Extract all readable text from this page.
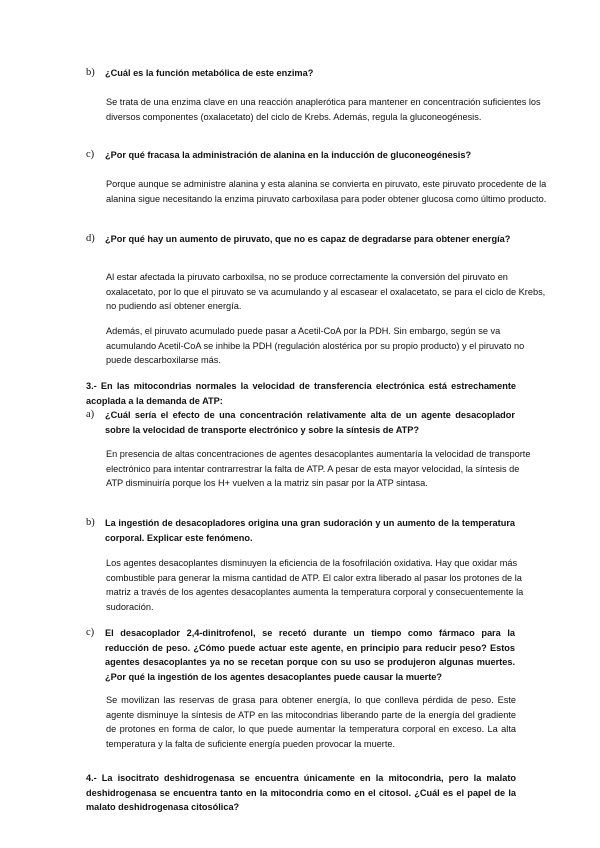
b) ¿Cuál es la función metabólica de este enzima?

Se trata de una enzima clave en una reacción anaplerótica para mantener en concentración suficientes los diversos componentes (oxalacetato) del ciclo de Krebs. Además, regula la gluconeogénesis.

c) ¿Por qué fracasa la administración de alanina en la inducción de gluconeogénesis?

Porque aunque se administre alanina y esta alanina se convierta en piruvato, este piruvato procedente de la alanina sigue necesitando la enzima piruvato carboxilasa para poder obtener glucosa como último producto.

d) ¿Por qué hay un aumento de piruvato, que no es capaz de degradarse para obtener energía?

Al estar afectada la piruvato carboxilsa, no se produce correctamente la conversión del piruvato en oxalacetato, por lo que el piruvato se va acumulando y al escasear el oxalacetato, se para el ciclo de Krebs, no pudiendo así obtener energía.

Además, el piruvato acumulado puede pasar a Acetil-CoA por la PDH. Sin embargo, según se va acumulando Acetil-CoA se inhibe la PDH (regulación alostérica por su propio producto) y el piruvato no puede descarboxilarse más.

3.- En las mitocondrias normales la velocidad de transferencia electrónica está estrechamente acoplada a la demanda de ATP:

a) ¿Cuál sería el efecto de una concentración relativamente alta de un agente desacoplador sobre la velocidad de transporte electrónico y sobre la síntesis de ATP?

En presencia de altas concentraciones de agentes desacoplantes aumentaría la velocidad de transporte electrónico para intentar contrarrestrar la falta de ATP. A pesar de esta mayor velocidad, la síntesis de ATP disminuiría porque los H+ vuelven a la matriz sin pasar por la ATP sintasa.

b) La ingestión de desacopladores origina una gran sudoración y un aumento de la temperatura corporal. Explicar este fenómeno.

Los agentes desacoplantes disminuyen la eficiencia de la fosofrilación oxidativa. Hay que oxidar más combustible para generar la misma cantidad de ATP. El calor extra liberado al pasar los protones de la matriz a través de los agentes desacoplantes aumenta la temperatura corporal y consecuentemente la sudoración.

c) El desacoplador 2,4-dinitrofenol, se recetó durante un tiempo como fármaco para la reducción de peso. ¿Cómo puede actuar este agente, en principio para reducir peso? Estos agentes desacoplantes ya no se recetan porque con su uso se produjeron algunas muertes. ¿Por qué la ingestión de los agentes desacoplantes puede causar la muerte?

Se movilizan las reservas de grasa para obtener energía, lo que conlleva pérdida de peso. Este agente disminuye la síntesis de ATP en las mitocondrias liberando parte de la energía del gradiente de protones en forma de calor, lo que puede aumentar la temperatura corporal en exceso. La alta temperatura y la falta de suficiente energía pueden provocar la muerte.

4.- La isocitrato deshidrogenasa se encuentra únicamente en la mitocondria, pero la malato deshidrogenasa se encuentra tanto en la mitocondria como en el citosol. ¿Cuál es el papel de la malato deshidrogenasa citosólica?
